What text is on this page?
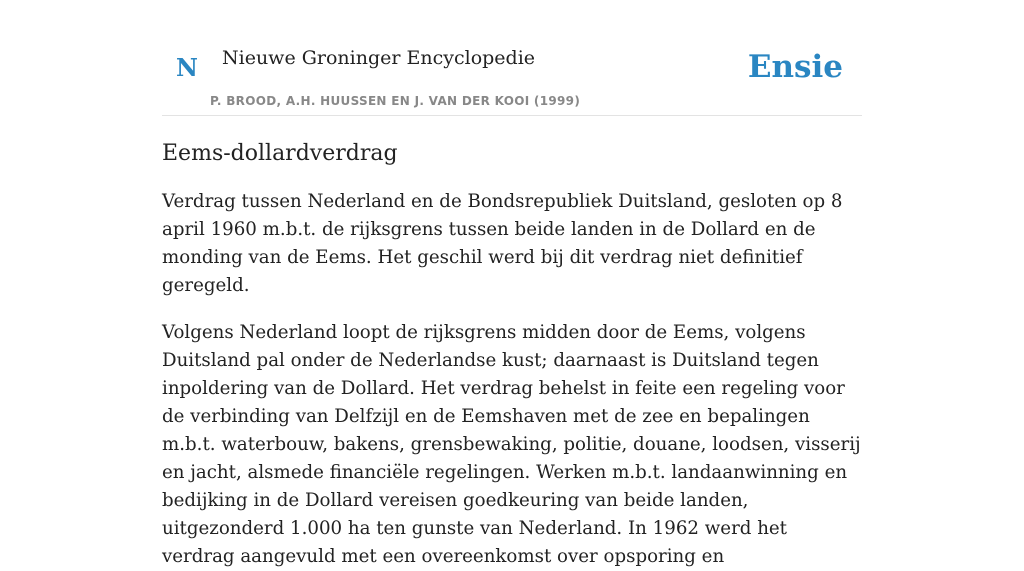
N Nieuwe Groninger Encyclopedie
P. BROOD, A.H. HUUSSEN EN J. VAN DER KOOI (1999)
Ensie
Eems-dollardverdrag

Verdrag tussen Nederland en de Bondsrepubliek Duitsland, gesloten op 8 april 1960 m.b.t. de rijksgrens tussen beide landen in de Dollard en de monding van de Eems. Het geschil werd bij dit verdrag niet definitief geregeld.

Volgens Nederland loopt de rijksgrens midden door de Eems, volgens Duitsland pal onder de Nederlandse kust; daarnaast is Duitsland tegen inpoldering van de Dollard. Het verdrag behelst in feite een regeling voor de verbinding van Delfzijl en de Eemshaven met de zee en bepalingen m.b.t. waterbouw, bakens, grensbewaking, politie, douane, loodsen, visserij en jacht, alsmede financiële regelingen. Werken m.b.t. landaanwinning en bedijking in de Dollard vereisen goedkeuring van beide landen, uitgezonderd 1.000 ha ten gunste van Nederland. In 1962 werd het verdrag aangevuld met een overeenkomst over opsporing en
